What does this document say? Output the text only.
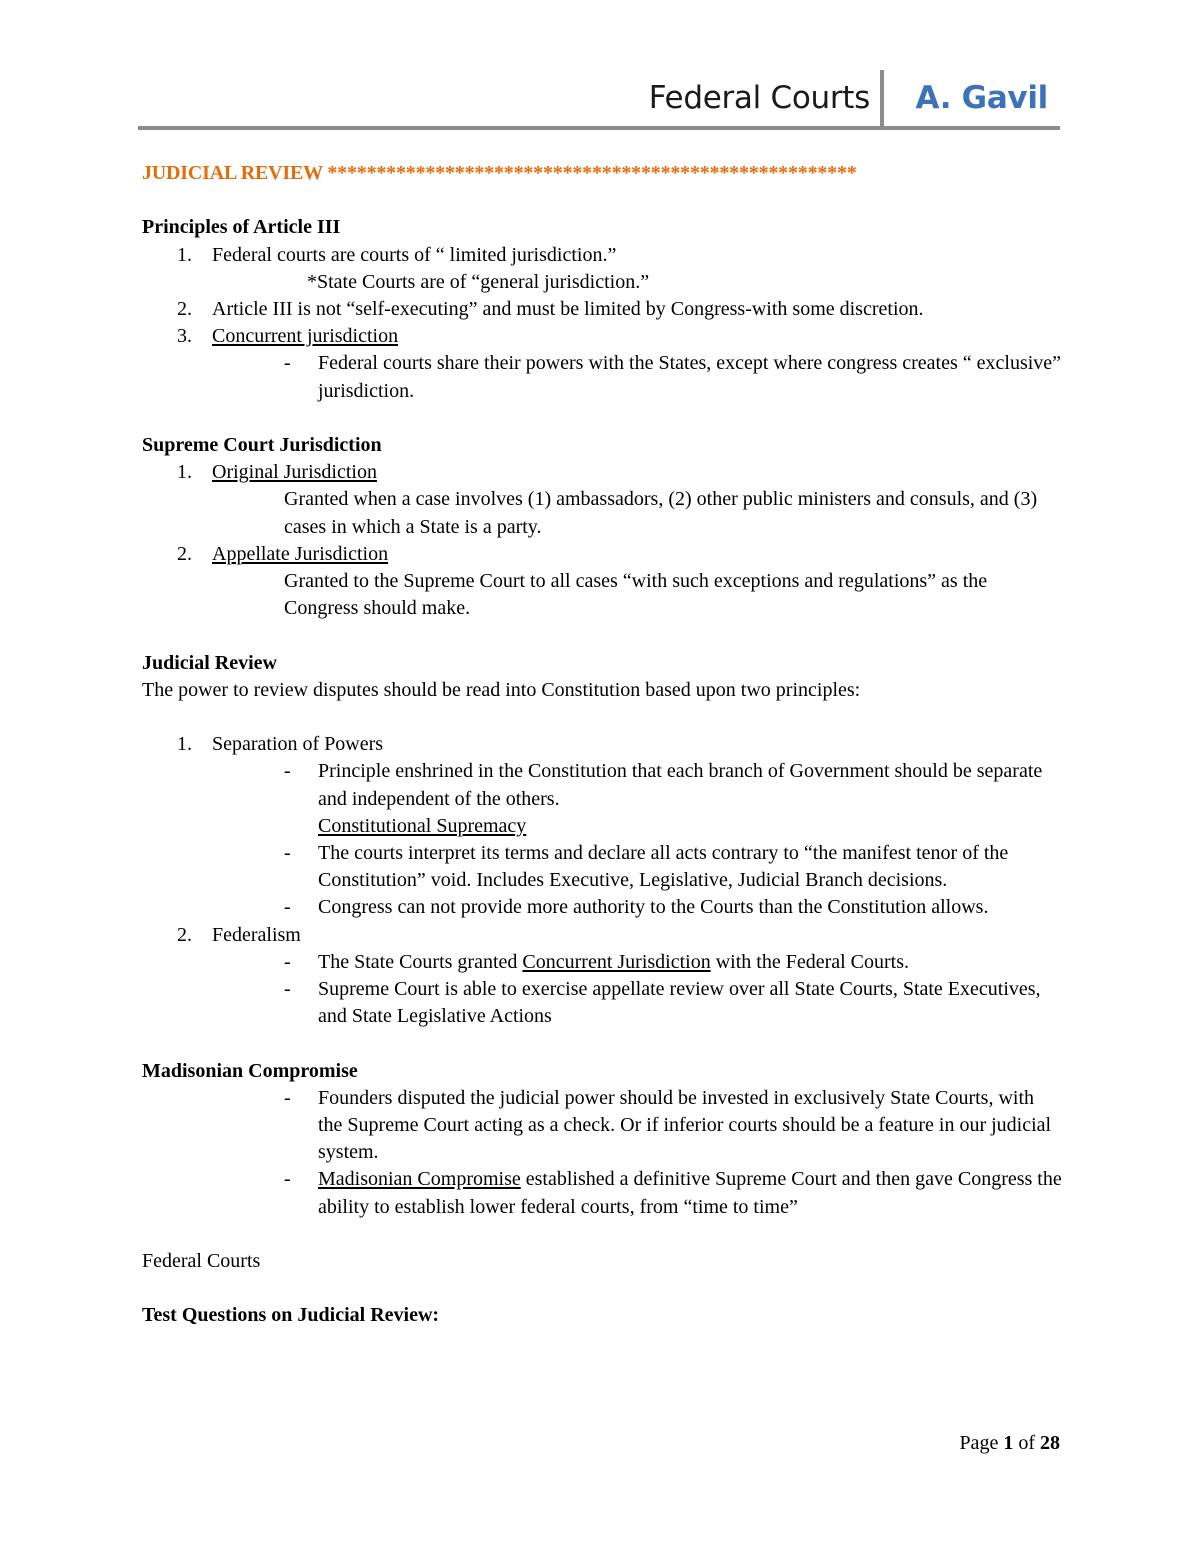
Federal Courts A. Gavil
JUDICIAL REVIEW ******************************************************
Principles of Article III
1. Federal courts are courts of “ limited jurisdiction.”
*State Courts are of “general jurisdiction.”
2. Article III is not “self-executing” and must be limited by Congress-with some discretion.
3. Concurrent jurisdiction
- Federal courts share their powers with the States, except where congress creates “ exclusive” jurisdiction.
Supreme Court Jurisdiction
1. Original Jurisdiction
Granted when a case involves (1) ambassadors, (2) other public ministers and consuls, and (3) cases in which a State is a party.
2. Appellate Jurisdiction
Granted to the Supreme Court to all cases “with such exceptions and regulations” as the Congress should make.
Judicial Review
The power to review disputes should be read into Constitution based upon two principles:
1. Separation of Powers
- Principle enshrined in the Constitution that each branch of Government should be separate and independent of the others.
Constitutional Supremacy
- The courts interpret its terms and declare all acts contrary to “the manifest tenor of the Constitution” void. Includes Executive, Legislative, Judicial Branch decisions.
- Congress can not provide more authority to the Courts than the Constitution allows.
2. Federalism
- The State Courts granted Concurrent Jurisdiction with the Federal Courts.
- Supreme Court is able to exercise appellate review over all State Courts, State Executives, and State Legislative Actions
Madisonian Compromise
- Founders disputed the judicial power should be invested in exclusively State Courts, with the Supreme Court acting as a check. Or if inferior courts should be a feature in our judicial system.
- Madisonian Compromise established a definitive Supreme Court and then gave Congress the ability to establish lower federal courts, from “time to time”
Federal Courts
Test Questions on Judicial Review:
Page 1 of 28
